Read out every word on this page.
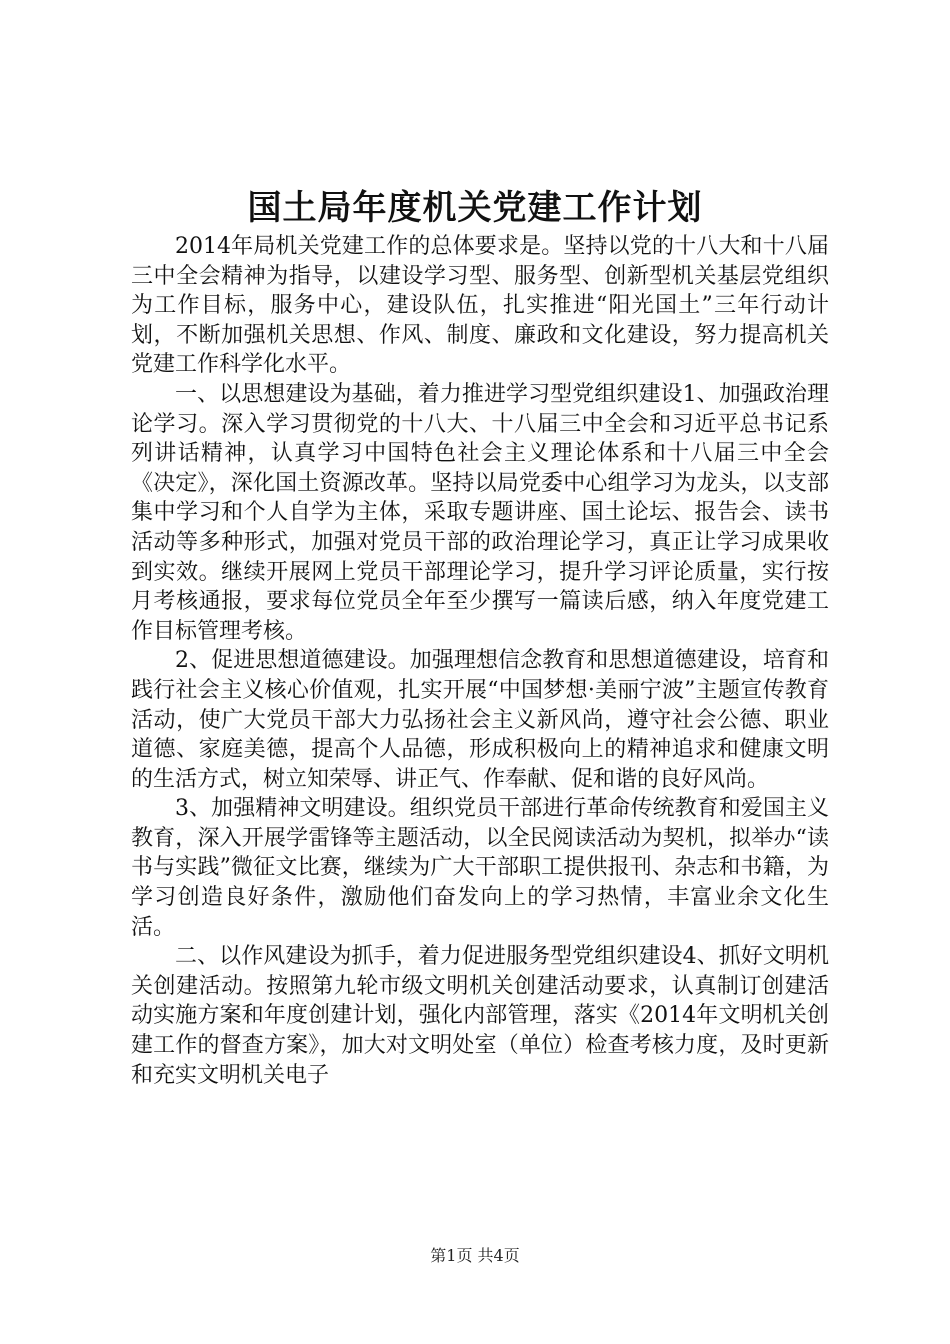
国土局年度机关党建工作计划

2014年局机关党建工作的总体要求是。坚持以党的十八大和十八届三中全会精神为指导，以建设学习型、服务型、创新型机关基层党组织为工作目标，服务中心，建设队伍，扎实推进“阳光国土”三年行动计划，不断加强机关思想、作风、制度、廉政和文化建设，努力提高机关党建工作科学化水平。

一、以思想建设为基础，着力推进学习型党组织建设1、加强政治理论学习。深入学习贯彻党的十八大、十八届三中全会和习近平总书记系列讲话精神，认真学习中国特色社会主义理论体系和十八届三中全会《决定》，深化国土资源改革。坚持以局党委中心组学习为龙头，以支部集中学习和个人自学为主体，采取专题讲座、国土论坛、报告会、读书活动等多种形式，加强对党员干部的政治理论学习，真正让学习成果收到实效。继续开展网上党员干部理论学习，提升学习评论质量，实行按月考核通报，要求每位党员全年至少撰写一篇读后感，纳入年度党建工作目标管理考核。

2、促进思想道德建设。加强理想信念教育和思想道德建设，培育和践行社会主义核心价值观，扎实开展“中国梦想·美丽宁波”主题宣传教育活动，使广大党员干部大力弘扬社会主义新风尚，遵守社会公德、职业道德、家庭美德，提高个人品德，形成积极向上的精神追求和健康文明的生活方式，树立知荣辱、讲正气、作奉献、促和谐的良好风尚。

3、加强精神文明建设。组织党员干部进行革命传统教育和爱国主义教育，深入开展学雷锋等主题活动，以全民阅读活动为契机，拟举办“读书与实践”微征文比赛，继续为广大干部职工提供报刊、杂志和书籍，为学习创造良好条件，激励他们奋发向上的学习热情，丰富业余文化生活。

二、以作风建设为抓手，着力促进服务型党组织建设4、抓好文明机关创建活动。按照第九轮市级文明机关创建活动要求，认真制订创建活动实施方案和年度创建计划，强化内部管理，落实《2014年文明机关创建工作的督查方案》，加大对文明处室（单位）检查考核力度，及时更新和充实文明机关电子

第1页 共4页
